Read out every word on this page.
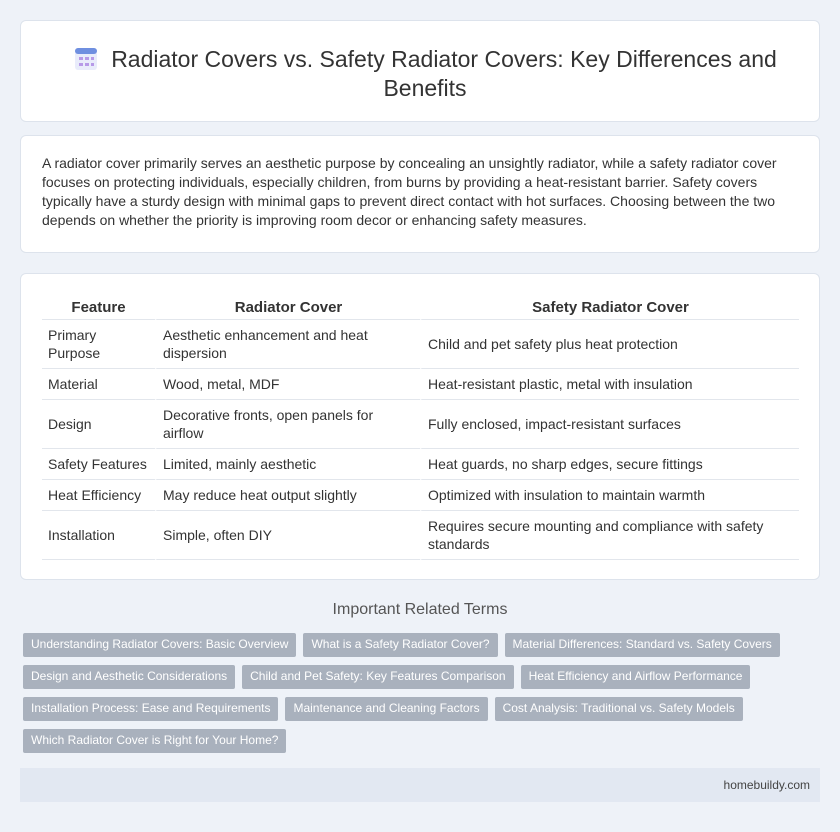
Radiator Covers vs. Safety Radiator Covers: Key Differences and Benefits

A radiator cover primarily serves an aesthetic purpose by concealing an unsightly radiator, while a safety radiator cover focuses on protecting individuals, especially children, from burns by providing a heat-resistant barrier. Safety covers typically have a sturdy design with minimal gaps to prevent direct contact with hot surfaces. Choosing between the two depends on whether the priority is improving room decor or enhancing safety measures.

Feature	Radiator Cover	Safety Radiator Cover
Primary Purpose	Aesthetic enhancement and heat dispersion	Child and pet safety plus heat protection
Material	Wood, metal, MDF	Heat-resistant plastic, metal with insulation
Design	Decorative fronts, open panels for airflow	Fully enclosed, impact-resistant surfaces
Safety Features	Limited, mainly aesthetic	Heat guards, no sharp edges, secure fittings
Heat Efficiency	May reduce heat output slightly	Optimized with insulation to maintain warmth
Installation	Simple, often DIY	Requires secure mounting and compliance with safety standards
Important Related Terms
Understanding Radiator Covers: Basic Overview	What is a Safety Radiator Cover?	Material Differences: Standard vs. Safety Covers
Design and Aesthetic Considerations	Child and Pet Safety: Key Features Comparison	Heat Efficiency and Airflow Performance
Installation Process: Ease and Requirements	Maintenance and Cleaning Factors	Cost Analysis: Traditional vs. Safety Models
Which Radiator Cover is Right for Your Home?
homebuildy.com
